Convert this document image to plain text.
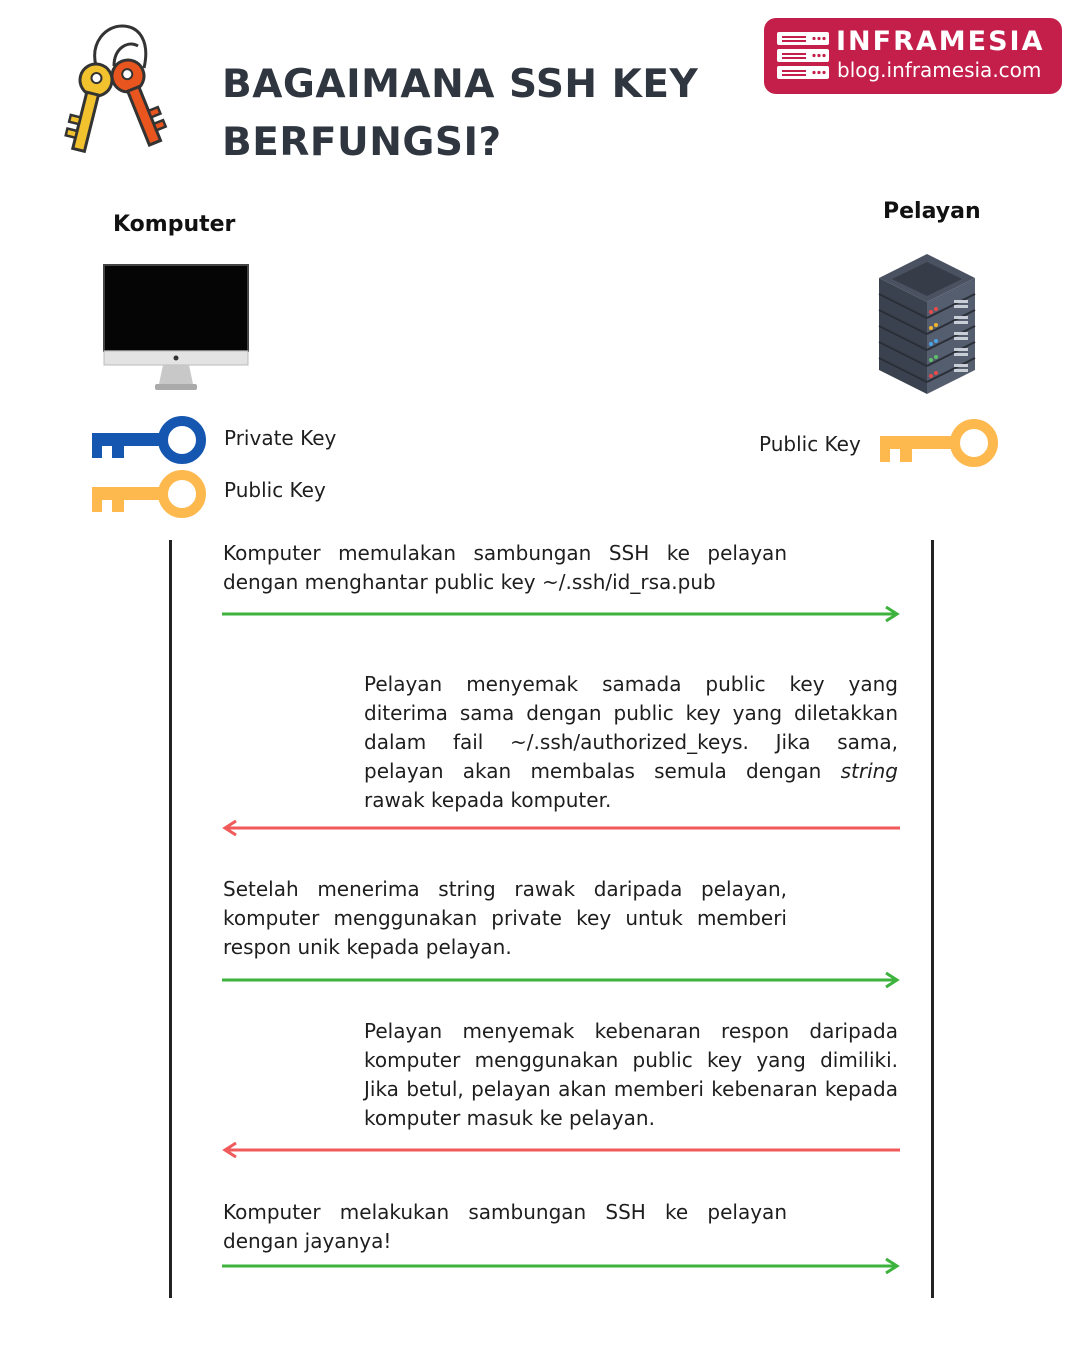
BAGAIMANA SSH KEY BERFUNGSI?
INFRAMESIA
blog.inframesia.com
Komputer
Private Key
Public Key
Pelayan
Public Key
Komputer memulakan sambungan SSH ke pelayan dengan menghantar public key ~/.ssh/id_rsa.pub
Pelayan menyemak samada public key yang diterima sama dengan public key yang diletakkan dalam fail ~/.ssh/authorized_keys. Jika sama, pelayan akan membalas semula dengan string rawak kepada komputer.
Setelah menerima string rawak daripada pelayan, komputer menggunakan private key untuk memberi respon unik kepada pelayan.
Pelayan menyemak kebenaran respon daripada komputer menggunakan public key yang dimiliki. Jika betul, pelayan akan memberi kebenaran kepada komputer masuk ke pelayan.
Komputer melakukan sambungan SSH ke pelayan dengan jayanya!
